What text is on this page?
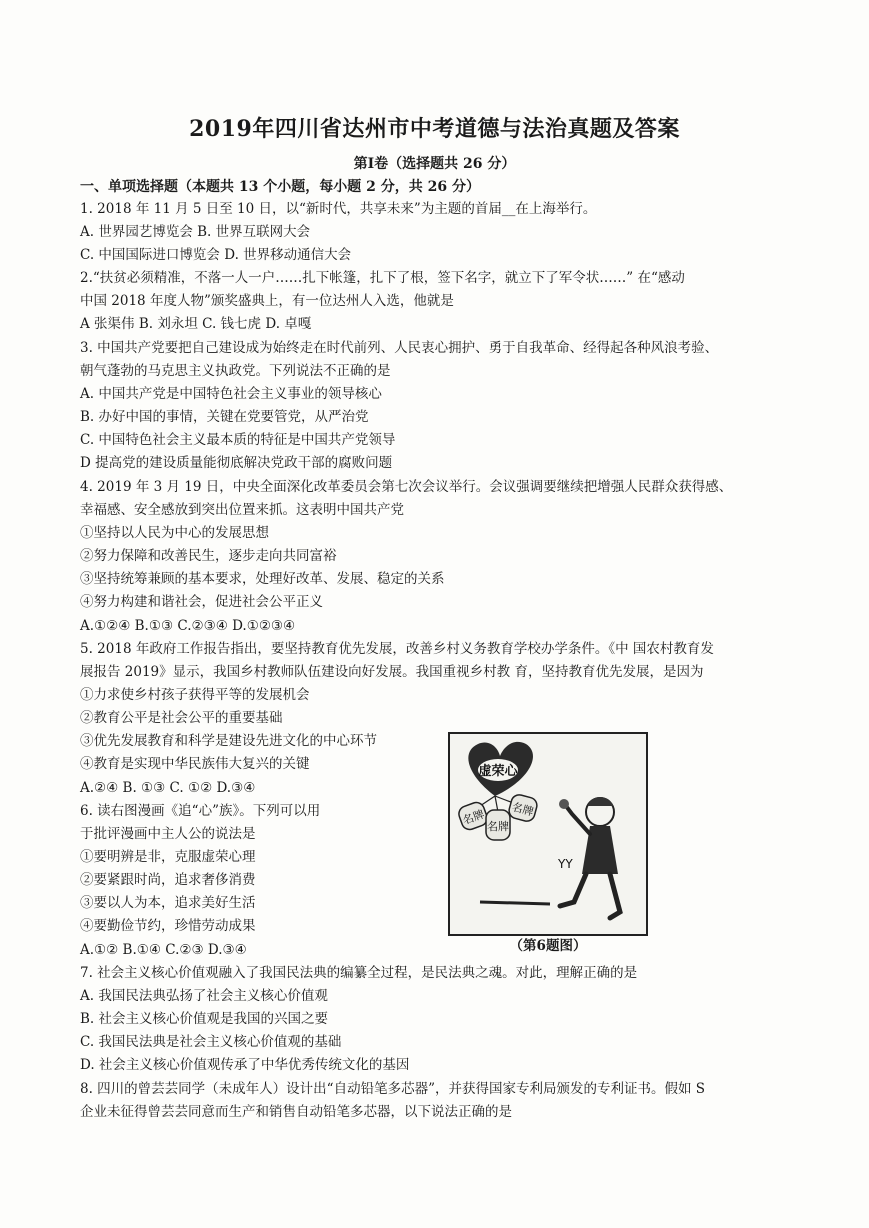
2019年四川省达州市中考道德与法治真题及答案
第Ⅰ卷（选择题共 26 分）
一、单项选择题（本题共 13 个小题，每小题 2 分，共 26 分）
1. 2018 年 11 月 5 日至 10 日，以“新时代，共享未来”为主题的首届__在上海举行。
A. 世界园艺博览会 B. 世界互联网大会
C. 中国国际进口博览会 D. 世界移动通信大会
2.“扶贫必须精准，不落一人一户……扎下帐篷，扎下了根，签下名字，就立下了军令状……” 在“感动
中国 2018 年度人物”颁奖盛典上，有一位达州人入选，他就是
A 张渠伟 B. 刘永坦 C. 钱七虎 D. 卓嘎
3. 中国共产党要把自己建设成为始终走在时代前列、人民衷心拥护、勇于自我革命、经得起各种风浪考验、
朝气蓬勃的马克思主义执政党。下列说法不正确的是
A. 中国共产党是中国特色社会主义事业的领导核心
B. 办好中国的事情，关键在党要管党，从严治党
C. 中国特色社会主义最本质的特征是中国共产党领导
D 提高党的建设质量能彻底解决党政干部的腐败问题
4. 2019 年 3 月 19 日，中央全面深化改革委员会第七次会议举行。会议强调要继续把增强人民群众获得感、
幸福感、安全感放到突出位置来抓。这表明中国共产党
①坚持以人民为中心的发展思想
②努力保障和改善民生，逐步走向共同富裕
③坚持统筹兼顾的基本要求，处理好改革、发展、稳定的关系
④努力构建和谐社会，促进社会公平正义
A.①②④ B.①③ C.②③④ D.①②③④
5. 2018 年政府工作报告指出，要坚持教育优先发展，改善乡村义务教育学校办学条件。《中 国农村教育发
展报告 2019》显示，我国乡村教师队伍建设向好发展。我国重视乡村教 育，坚持教育优先发展，是因为
①力求使乡村孩子获得平等的发展机会
②教育公平是社会公平的重要基础
③优先发展教育和科学是建设先进文化的中心环节
④教育是实现中华民族伟大复兴的关键
A.②④ B. ①③ C. ①② D.③④
6. 读右图漫画《追“心”族》。下列可以用
于批评漫画中主人公的说法是
①要明辨是非，克服虚荣心理
②要紧跟时尚，追求奢侈消费
③要以人为本，追求美好生活
④要勤俭节约，珍惜劳动成果
A.①② B.①④ C.②③ D.③④
7. 社会主义核心价值观融入了我国民法典的编纂全过程，是民法典之魂。对此，理解正确的是
A. 我国民法典弘扬了社会主义核心价值观
B. 社会主义核心价值观是我国的兴国之要
C. 我国民法典是社会主义核心价值观的基础
D. 社会主义核心价值观传承了中华优秀传统文化的基因
8. 四川的曾芸芸同学（未成年人）设计出“自动铅笔多芯器”，并获得国家专利局颁发的专利证书。假如 S
企业未征得曾芸芸同意而生产和销售自动铅笔多芯器，以下说法正确的是
虚荣心
名牌 名牌
名牌
YY
（第6题图）
